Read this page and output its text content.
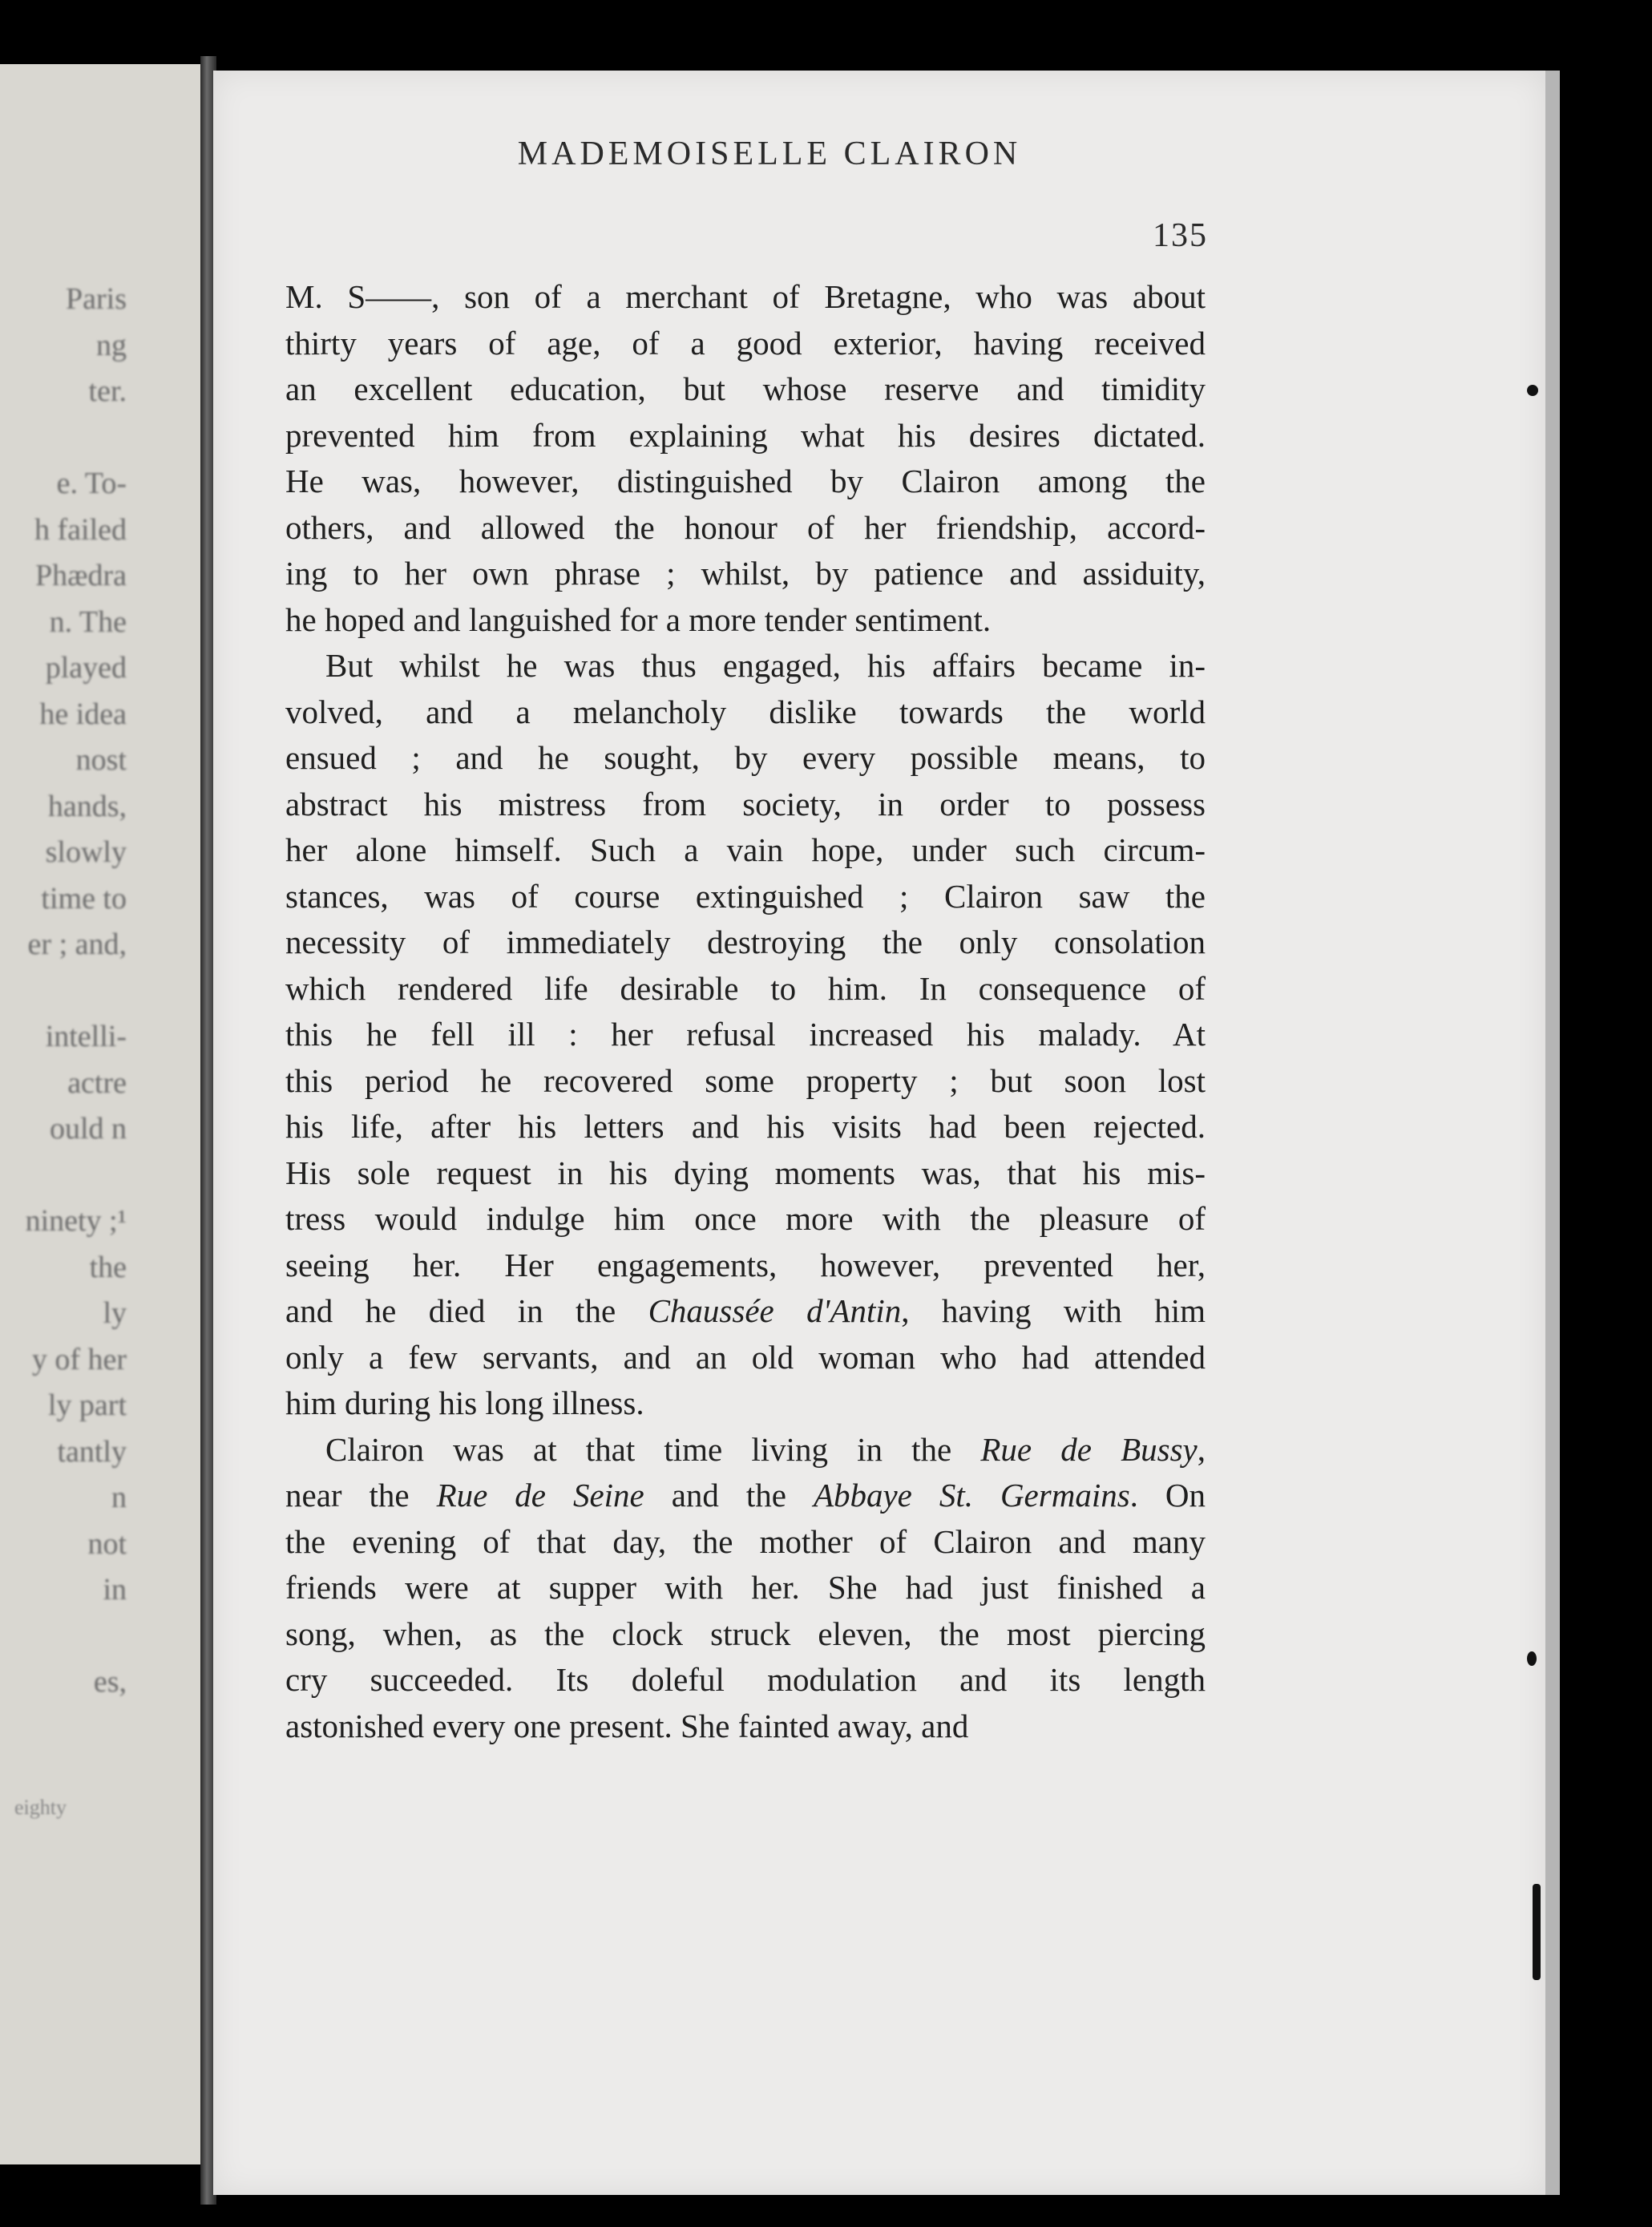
Paris
ng
ter.
e. To-
h failed
Phædra
n. The
played
he idea
nost
hands,
slowly
time to
er ; and,
intelli-
actre
ould n
ninety ;¹
the
ly
y of her
ly part
tantly
n
not
in
es,
eighty
MADEMOISELLE CLAIRON
135
M. S——, son of a merchant of Bretagne, who was about
thirty years of age, of a good exterior, having received
an excellent education, but whose reserve and timidity
prevented him from explaining what his desires dictated.
He was, however, distinguished by Clairon among the
others, and allowed the honour of her friendship, accord-
ing to her own phrase ; whilst, by patience and assiduity,
he hoped and languished for a more tender sentiment.
But whilst he was thus engaged, his affairs became in-
volved, and a melancholy dislike towards the world
ensued ; and he sought, by every possible means, to
abstract his mistress from society, in order to possess
her alone himself. Such a vain hope, under such circum-
stances, was of course extinguished ; Clairon saw the
necessity of immediately destroying the only consolation
which rendered life desirable to him. In consequence of
this he fell ill : her refusal increased his malady. At
this period he recovered some property ; but soon lost
his life, after his letters and his visits had been rejected.
His sole request in his dying moments was, that his mis-
tress would indulge him once more with the pleasure of
seeing her. Her engagements, however, prevented her,
and he died in the Chaussée d'Antin, having with him
only a few servants, and an old woman who had attended
him during his long illness.
Clairon was at that time living in the Rue de Bussy,
near the Rue de Seine and the Abbaye St. Germains. On
the evening of that day, the mother of Clairon and many
friends were at supper with her. She had just finished a
song, when, as the clock struck eleven, the most piercing
cry succeeded. Its doleful modulation and its length
astonished every one present. She fainted away, and
